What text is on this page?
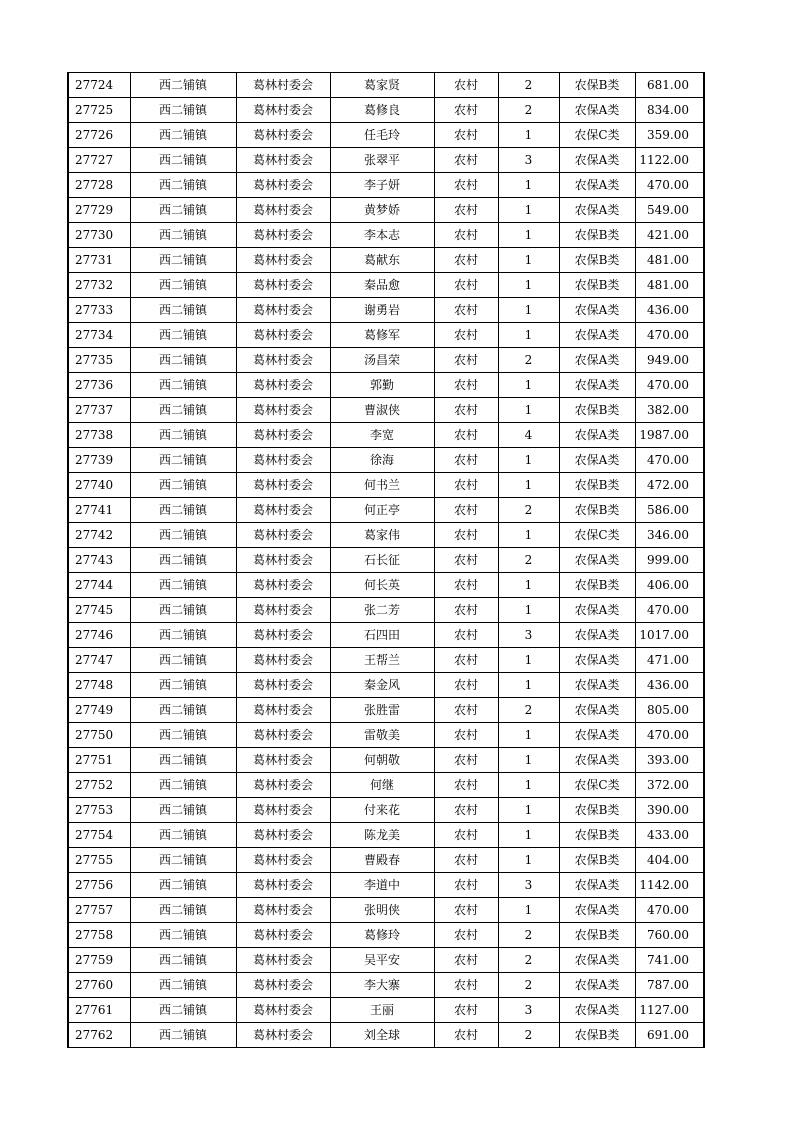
27724	西二铺镇	葛林村委会	葛家贤	农村	2	农保B类	681.00
27725	西二铺镇	葛林村委会	葛修良	农村	2	农保A类	834.00
27726	西二铺镇	葛林村委会	任毛玲	农村	1	农保C类	359.00
27727	西二铺镇	葛林村委会	张翠平	农村	3	农保A类	1122.00
27728	西二铺镇	葛林村委会	李子妍	农村	1	农保A类	470.00
27729	西二铺镇	葛林村委会	黄梦娇	农村	1	农保A类	549.00
27730	西二铺镇	葛林村委会	李本志	农村	1	农保B类	421.00
27731	西二铺镇	葛林村委会	葛献东	农村	1	农保B类	481.00
27732	西二铺镇	葛林村委会	秦品愈	农村	1	农保B类	481.00
27733	西二铺镇	葛林村委会	谢勇岩	农村	1	农保A类	436.00
27734	西二铺镇	葛林村委会	葛修军	农村	1	农保A类	470.00
27735	西二铺镇	葛林村委会	汤昌荣	农村	2	农保A类	949.00
27736	西二铺镇	葛林村委会	郭勤	农村	1	农保A类	470.00
27737	西二铺镇	葛林村委会	曹淑侠	农村	1	农保B类	382.00
27738	西二铺镇	葛林村委会	李宽	农村	4	农保A类	1987.00
27739	西二铺镇	葛林村委会	徐海	农村	1	农保A类	470.00
27740	西二铺镇	葛林村委会	何书兰	农村	1	农保B类	472.00
27741	西二铺镇	葛林村委会	何正亭	农村	2	农保B类	586.00
27742	西二铺镇	葛林村委会	葛家伟	农村	1	农保C类	346.00
27743	西二铺镇	葛林村委会	石长征	农村	2	农保A类	999.00
27744	西二铺镇	葛林村委会	何长英	农村	1	农保B类	406.00
27745	西二铺镇	葛林村委会	张二芳	农村	1	农保A类	470.00
27746	西二铺镇	葛林村委会	石四田	农村	3	农保A类	1017.00
27747	西二铺镇	葛林村委会	王帮兰	农村	1	农保A类	471.00
27748	西二铺镇	葛林村委会	秦金风	农村	1	农保A类	436.00
27749	西二铺镇	葛林村委会	张胜雷	农村	2	农保A类	805.00
27750	西二铺镇	葛林村委会	雷敬美	农村	1	农保A类	470.00
27751	西二铺镇	葛林村委会	何朝敬	农村	1	农保A类	393.00
27752	西二铺镇	葛林村委会	何继	农村	1	农保C类	372.00
27753	西二铺镇	葛林村委会	付来花	农村	1	农保B类	390.00
27754	西二铺镇	葛林村委会	陈龙美	农村	1	农保B类	433.00
27755	西二铺镇	葛林村委会	曹殿春	农村	1	农保B类	404.00
27756	西二铺镇	葛林村委会	李道中	农村	3	农保A类	1142.00
27757	西二铺镇	葛林村委会	张明侠	农村	1	农保A类	470.00
27758	西二铺镇	葛林村委会	葛修玲	农村	2	农保B类	760.00
27759	西二铺镇	葛林村委会	吴平安	农村	2	农保A类	741.00
27760	西二铺镇	葛林村委会	李大寨	农村	2	农保A类	787.00
27761	西二铺镇	葛林村委会	王丽	农村	3	农保A类	1127.00
27762	西二铺镇	葛林村委会	刘全球	农村	2	农保B类	691.00
